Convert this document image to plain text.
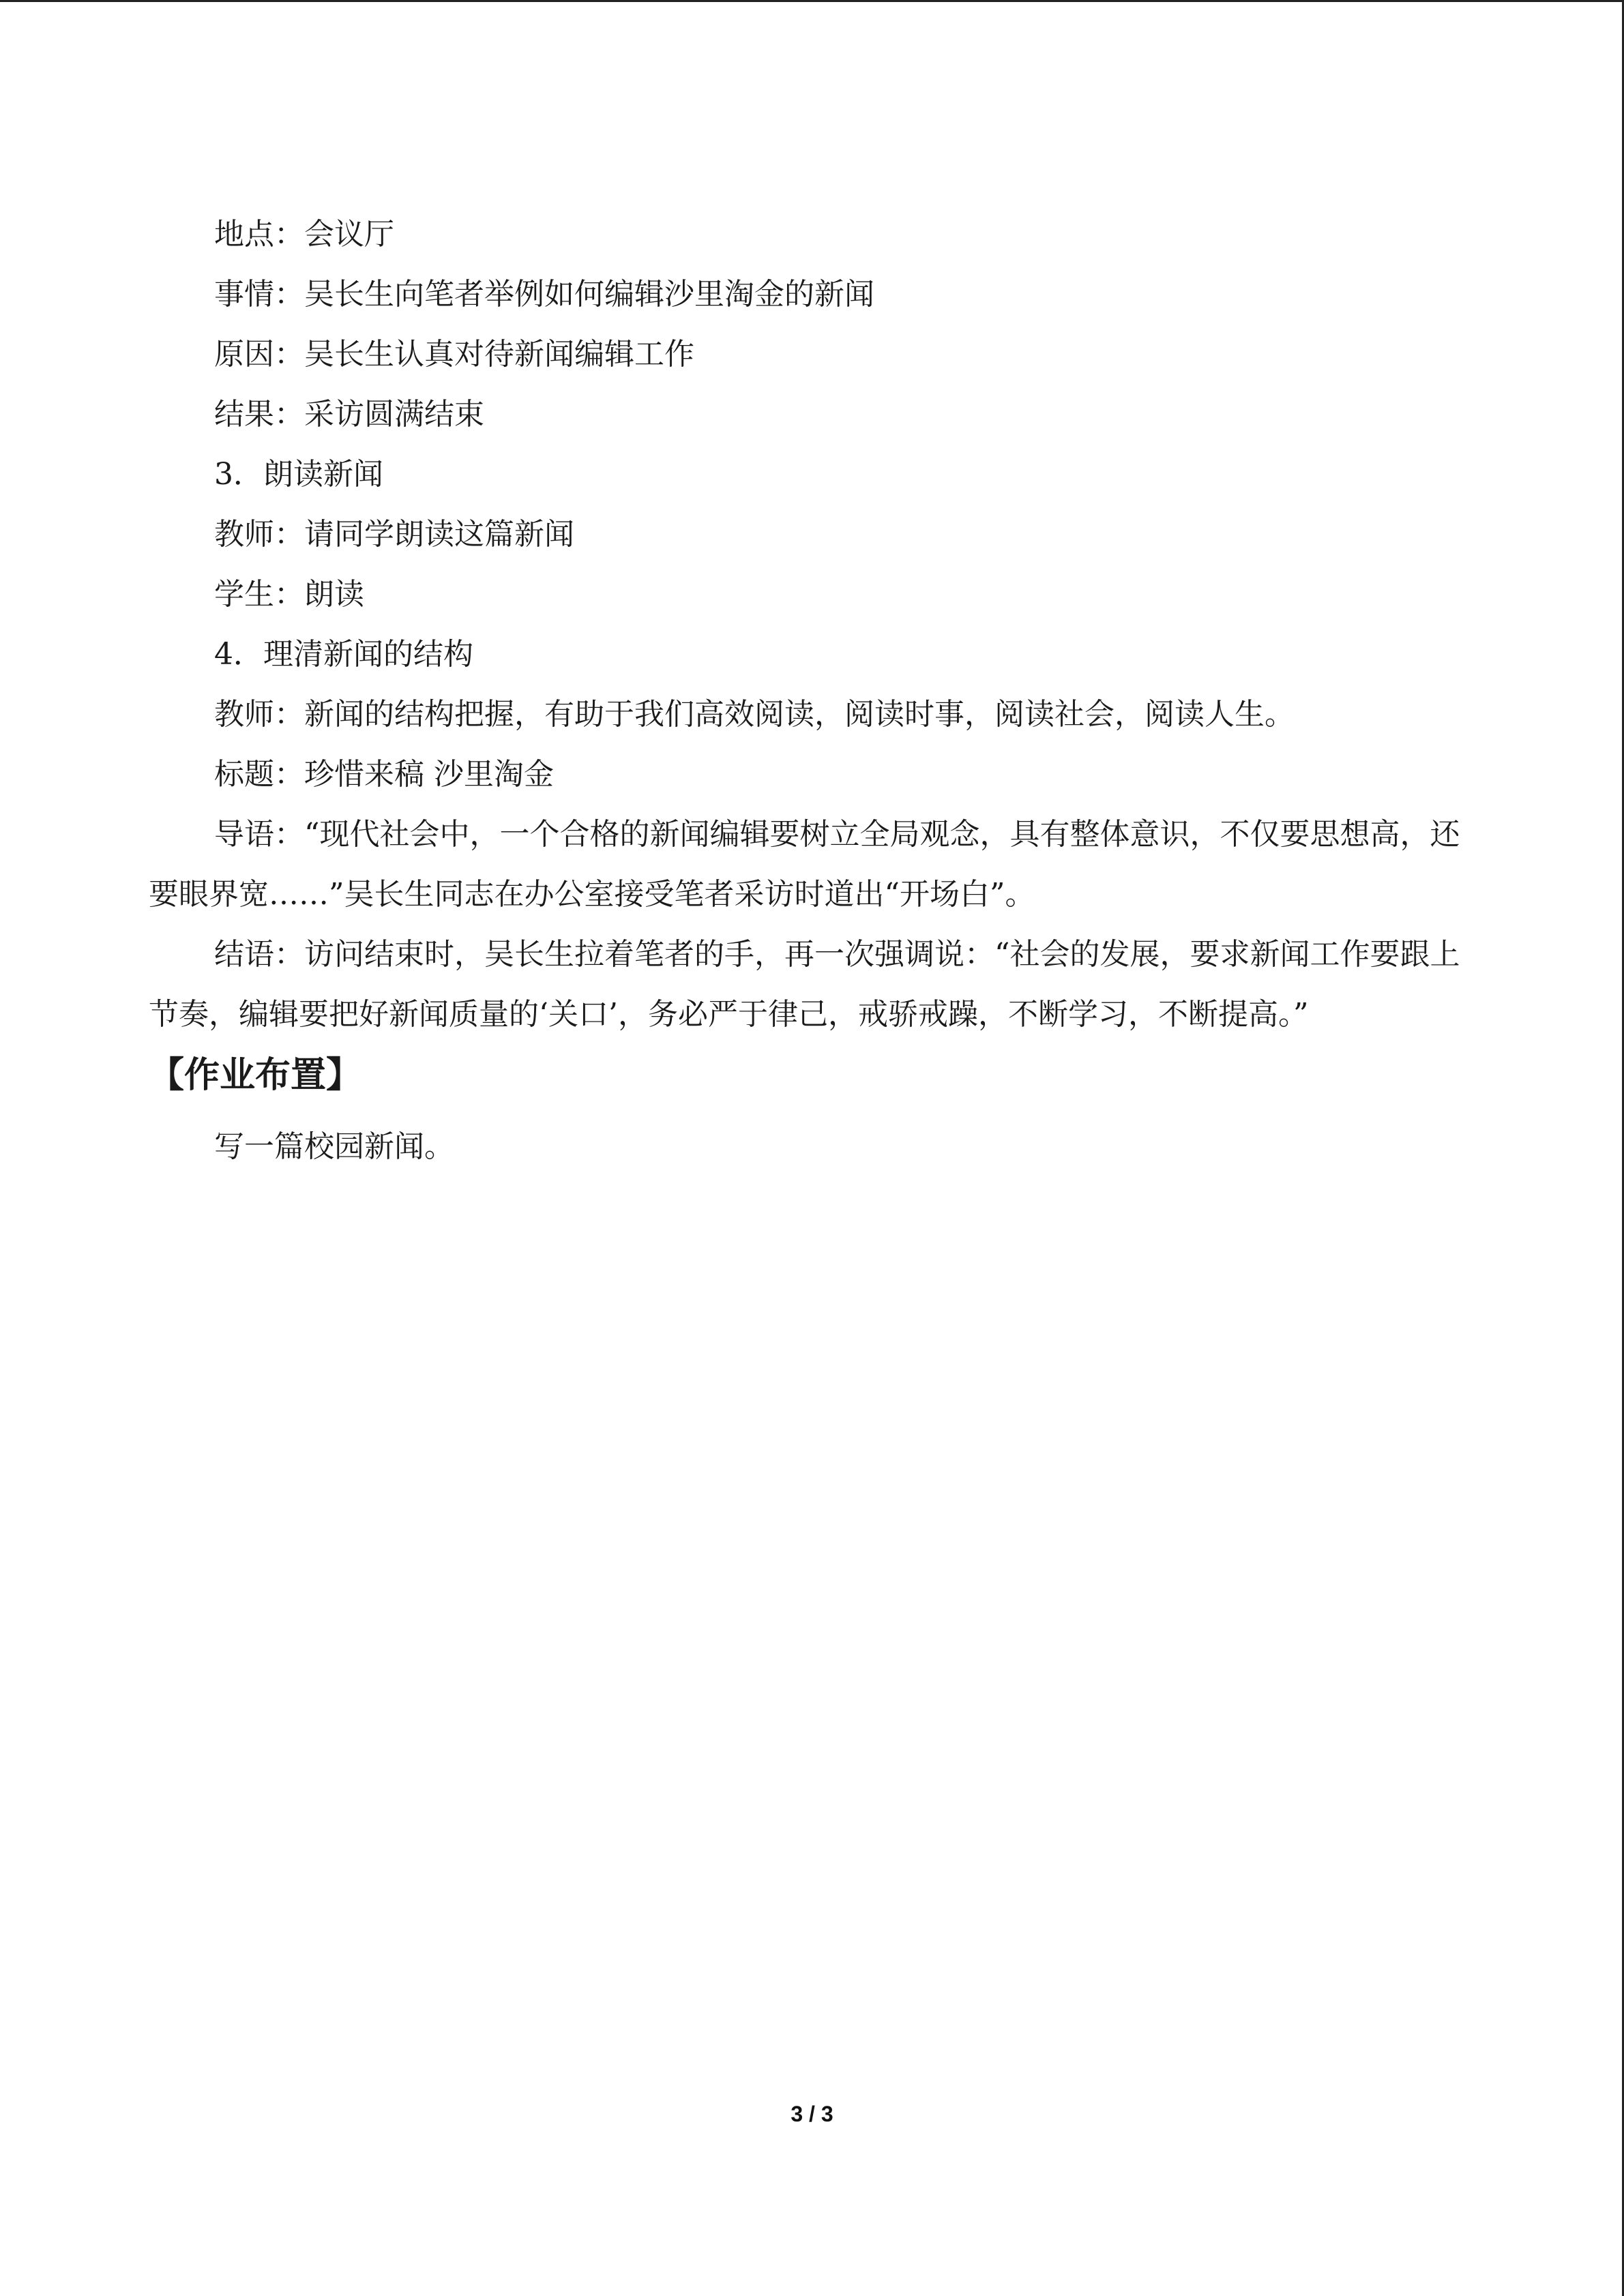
地点：会议厅

事情：吴长生向笔者举例如何编辑沙里淘金的新闻

原因：吴长生认真对待新闻编辑工作

结果：采访圆满结束

3．朗读新闻

教师：请同学朗读这篇新闻

学生：朗读

4．理清新闻的结构

教师：新闻的结构把握，有助于我们高效阅读，阅读时事，阅读社会，阅读人生。

标题：珍惜来稿 沙里淘金

导语：“现代社会中，一个合格的新闻编辑要树立全局观念，具有整体意识，不仅要思想高，还要眼界宽……”吴长生同志在办公室接受笔者采访时道出“开场白”。

结语：访问结束时，吴长生拉着笔者的手，再一次强调说：“社会的发展，要求新闻工作要跟上节奏，编辑要把好新闻质量的‘关口’，务必严于律己，戒骄戒躁，不断学习，不断提高。”

【作业布置】

写一篇校园新闻。

3 / 3
